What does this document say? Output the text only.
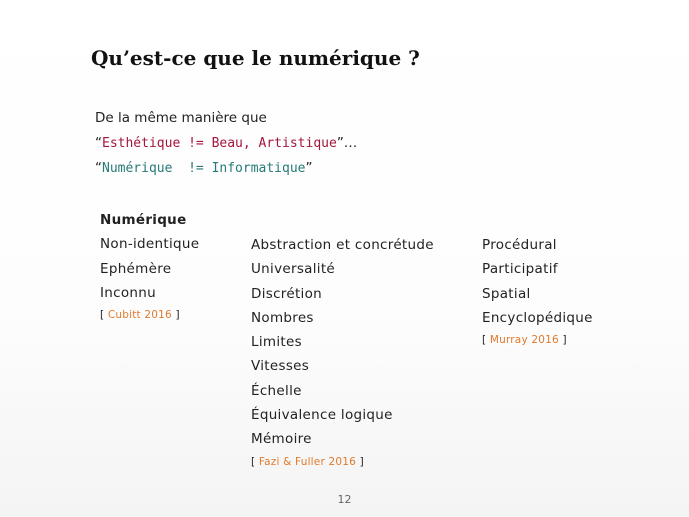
Qu’est-ce que le numérique ?
De la même manière que
“Esthétique != Beau, Artistique”…
“Numérique  != Informatique”
Numérique
Non-identique
Ephémère
Inconnu
[ Cubitt 2016 ]
Abstraction et concrétude
Universalité
Discrétion
Nombres
Limites
Vitesses
Échelle
Équivalence logique
Mémoire
[ Fazi & Fuller 2016 ]
Procédural
Participatif
Spatial
Encyclopédique
[ Murray 2016 ]
12
